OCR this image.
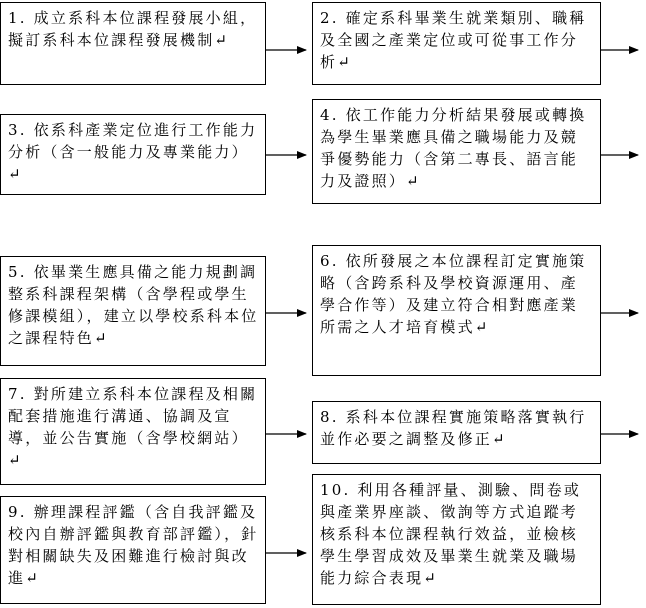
1. 成立系科本位課程發展小組，擬訂系科本位課程發展機制↵
2. 確定系科畢業生就業類別、職稱及全國之產業定位或可從事工作分析↵
3. 依系科產業定位進行工作能力分析（含一般能力及專業能力）↵
4. 依工作能力分析結果發展或轉換為學生畢業應具備之職場能力及競爭優勢能力（含第二專長、語言能力及證照）↵
5. 依畢業生應具備之能力規劃調整系科課程架構（含學程或學生修課模組），建立以學校系科本位之課程特色↵
6. 依所發展之本位課程訂定實施策略（含跨系科及學校資源運用、產學合作等）及建立符合相對應產業所需之人才培育模式↵
7. 對所建立系科本位課程及相關配套措施進行溝通、協調及宣導，並公告實施（含學校網站）↵
8. 系科本位課程實施策略落實執行並作必要之調整及修正↵
9. 辦理課程評鑑（含自我評鑑及校內自辦評鑑與教育部評鑑），針對相關缺失及困難進行檢討與改進↵
10. 利用各種評量、測驗、問卷或與產業界座談、徵詢等方式追蹤考核系科本位課程執行效益，並檢核學生學習成效及畢業生就業及職場能力綜合表現↵
